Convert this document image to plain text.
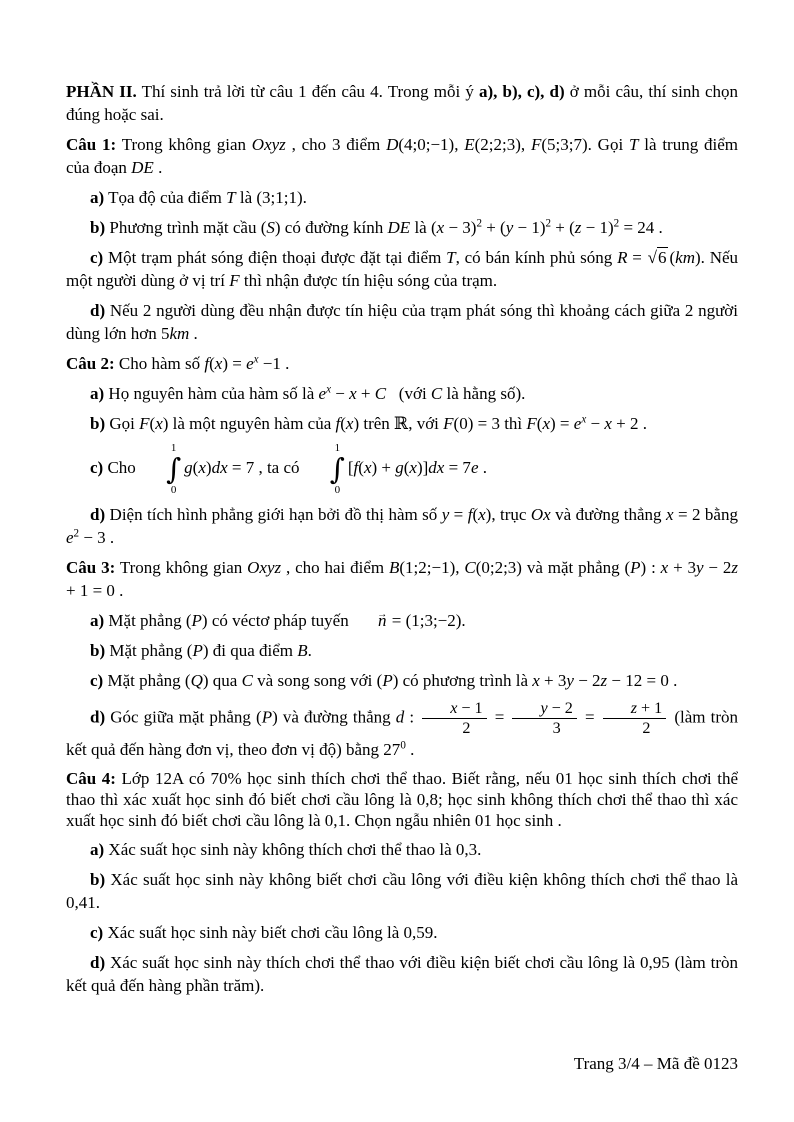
PHẦN II. Thí sinh trả lời từ câu 1 đến câu 4. Trong mỗi ý a), b), c), d) ở mỗi câu, thí sinh chọn đúng hoặc sai.

Câu 1: Trong không gian Oxyz , cho 3 điểm D(4;0;−1), E(2;2;3), F(5;3;7). Gọi T là trung điểm của đoạn DE .

a) Tọa độ của điểm T là (3;1;1).

b) Phương trình mặt cầu (S) có đường kính DE là $(x - 3)^2 + (y - 1)^2 + (z - 1)^2 = 24$ .

c) Một trạm phát sóng điện thoại được đặt tại điểm T, có bán kính phủ sóng R = √6 (km). Nếu một người dùng ở vị trí F thì nhận được tín hiệu sóng của trạm.

d) Nếu 2 người dùng đều nhận được tín hiệu của trạm phát sóng thì khoảng cách giữa 2 người dùng lớn hơn 5km .

Câu 2: Cho hàm số $f(x) = e^x -1$ .

a) Họ nguyên hàm của hàm số là $e^x - x + C$   (với C là hằng số).

b) Gọi F(x) là một nguyên hàm của f(x) trên ℝ, với F(0) = 3 thì $F(x) = e^x - x + 2$ .

c) Cho
1
∫
0
g(x)dx = 7 , ta có
1
∫
0
[f(x) + g(x)]dx = 7e .

d) Diện tích hình phẳng giới hạn bởi đồ thị hàm số y = f(x), trục Ox và đường thẳng x = 2 bằng $e^2 - 3$ .

Câu 3: Trong không gian Oxyz , cho hai điểm B(1;2;−1), C(0;2;3) và mặt phẳng (P) : x + 3y − 2z + 1 = 0 .

a) Mặt phẳng (P) có véctơ pháp tuyến n → = (1;3;−2).

b) Mặt phẳng (P) đi qua điểm B.

c) Mặt phẳng (Q) qua C và song song với (P) có phương trình là x + 3y − 2z − 12 = 0 .

d) Góc giữa mặt phẳng (P) và đường thẳng d : $\frac{x - 1}{2} = \frac{y - 2}{3} = \frac{z + 1}{2}$ (làm tròn kết quả đến hàng đơn vị, theo đơn vị độ) bằng $27^0$ .

Câu 4: Lớp 12A có 70% học sinh thích chơi thể thao. Biết rằng, nếu 01 học sinh thích chơi thể thao thì xác xuất học sinh đó biết chơi cầu lông là 0,8; học sinh không thích chơi thể thao thì xác xuất học sinh đó biết chơi cầu lông là 0,1. Chọn ngẫu nhiên 01 học sinh .

a) Xác suất học sinh này không thích chơi thể thao là 0,3.

b) Xác suất học sinh này không biết chơi cầu lông với điều kiện không thích chơi thể thao là 0,41.

c) Xác suất học sinh này biết chơi cầu lông là 0,59.

d) Xác suất học sinh này thích chơi thể thao với điều kiện biết chơi cầu lông là 0,95 (làm tròn kết quả đến hàng phần trăm).

Trang 3/4 – Mã đề 0123
